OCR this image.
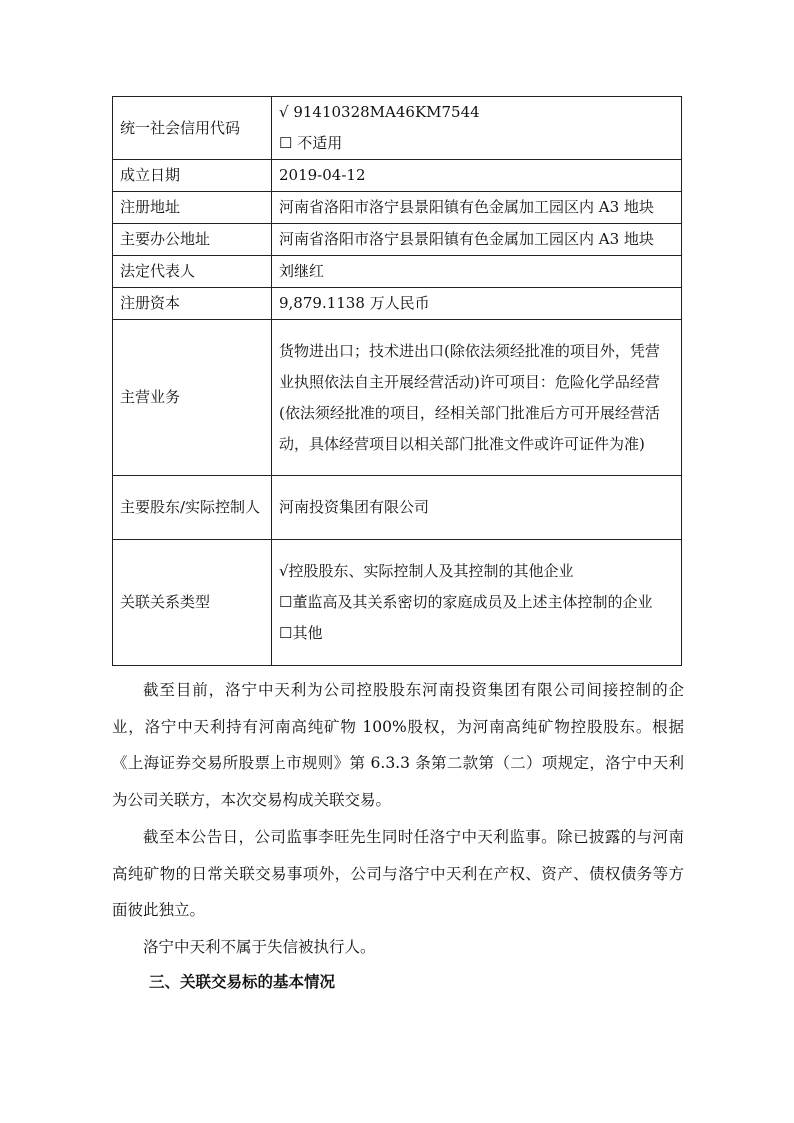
统一社会信用代码	√ 91410328MA46KM7544
☐ 不适用

成立日期	2019-04-12
注册地址	河南省洛阳市洛宁县景阳镇有色金属加工园区内 A3 地块
主要办公地址	河南省洛阳市洛宁县景阳镇有色金属加工园区内 A3 地块
法定代表人	刘继红
注册资本	9,879.1138 万人民币
主营业务	货物进出口；技术进出口(除依法须经批准的项目外，凭营业执照依法自主开展经营活动)许可项目：危险化学品经营(依法须经批准的项目，经相关部门批准后方可开展经营活动，具体经营项目以相关部门批准文件或许可证件为准)
主要股东/实际控制人	河南投资集团有限公司
关联关系类型	√控股股东、实际控制人及其控制的其他企业
☐董监高及其关系密切的家庭成员及上述主体控制的企业
☐其他

截至目前，洛宁中天利为公司控股股东河南投资集团有限公司间接控制的企业，洛宁中天利持有河南高纯矿物 100%股权，为河南高纯矿物控股股东。根据《上海证券交易所股票上市规则》第 6.3.3 条第二款第（二）项规定，洛宁中天利为公司关联方，本次交易构成关联交易。

截至本公告日，公司监事李旺先生同时任洛宁中天利监事。除已披露的与河南高纯矿物的日常关联交易事项外，公司与洛宁中天利在产权、资产、债权债务等方面彼此独立。

洛宁中天利不属于失信被执行人。

三、关联交易标的基本情况
